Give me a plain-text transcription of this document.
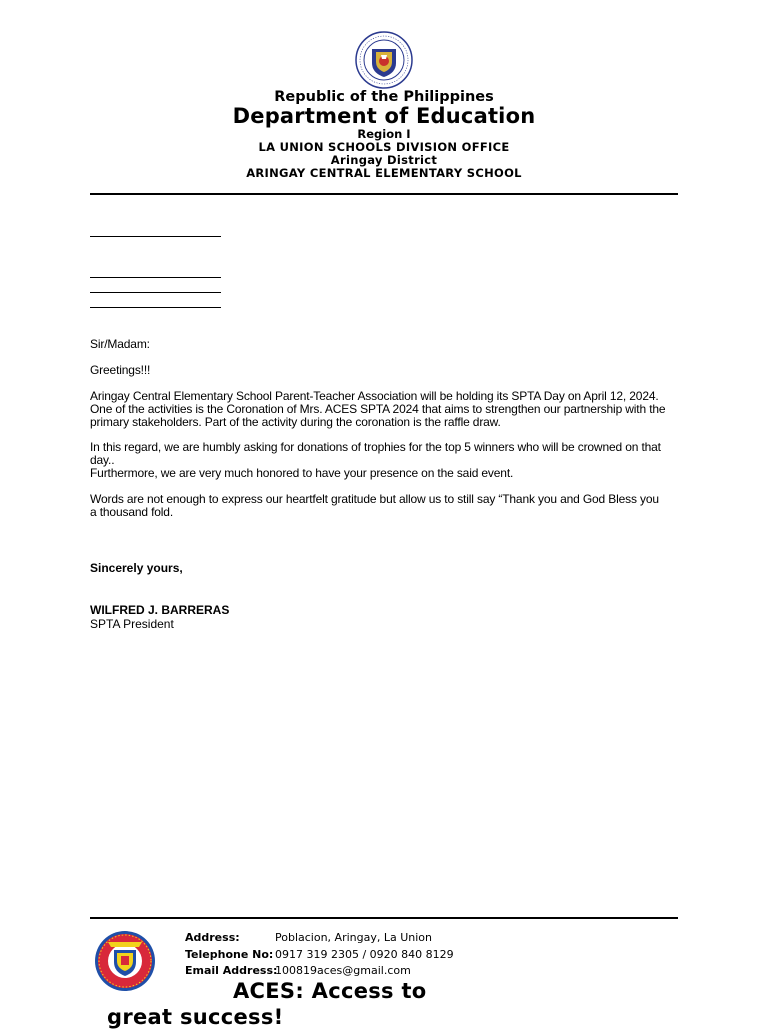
Republic of the Philippines
Department of Education
Region I
LA UNION SCHOOLS DIVISION OFFICE
Aringay District
ARINGAY CENTRAL ELEMENTARY SCHOOL
Sir/Madam:
Greetings!!!
Aringay Central Elementary School Parent-Teacher Association will be holding its SPTA Day on April 12, 2024. One of the activities is the Coronation of Mrs. ACES SPTA 2024 that aims to strengthen our partnership with the primary stakeholders. Part of the activity during the coronation is the raffle draw.
In this regard, we are humbly asking for donations of trophies for the top 5 winners who will be crowned on that day..
Furthermore, we are very much honored to have your presence on the said event.
Words are not enough to express our heartfelt gratitude but allow us to still say “Thank you and God Bless you a thousand fold.
Sincerely yours,
WILFRED J. BARRERAS
SPTA President
Address:	Poblacion, Aringay, La Union
Telephone No: 0917 319 2305 / 0920 840 8129
Email Address:
100819aces@gmail.com
ACES: Access to great success!
